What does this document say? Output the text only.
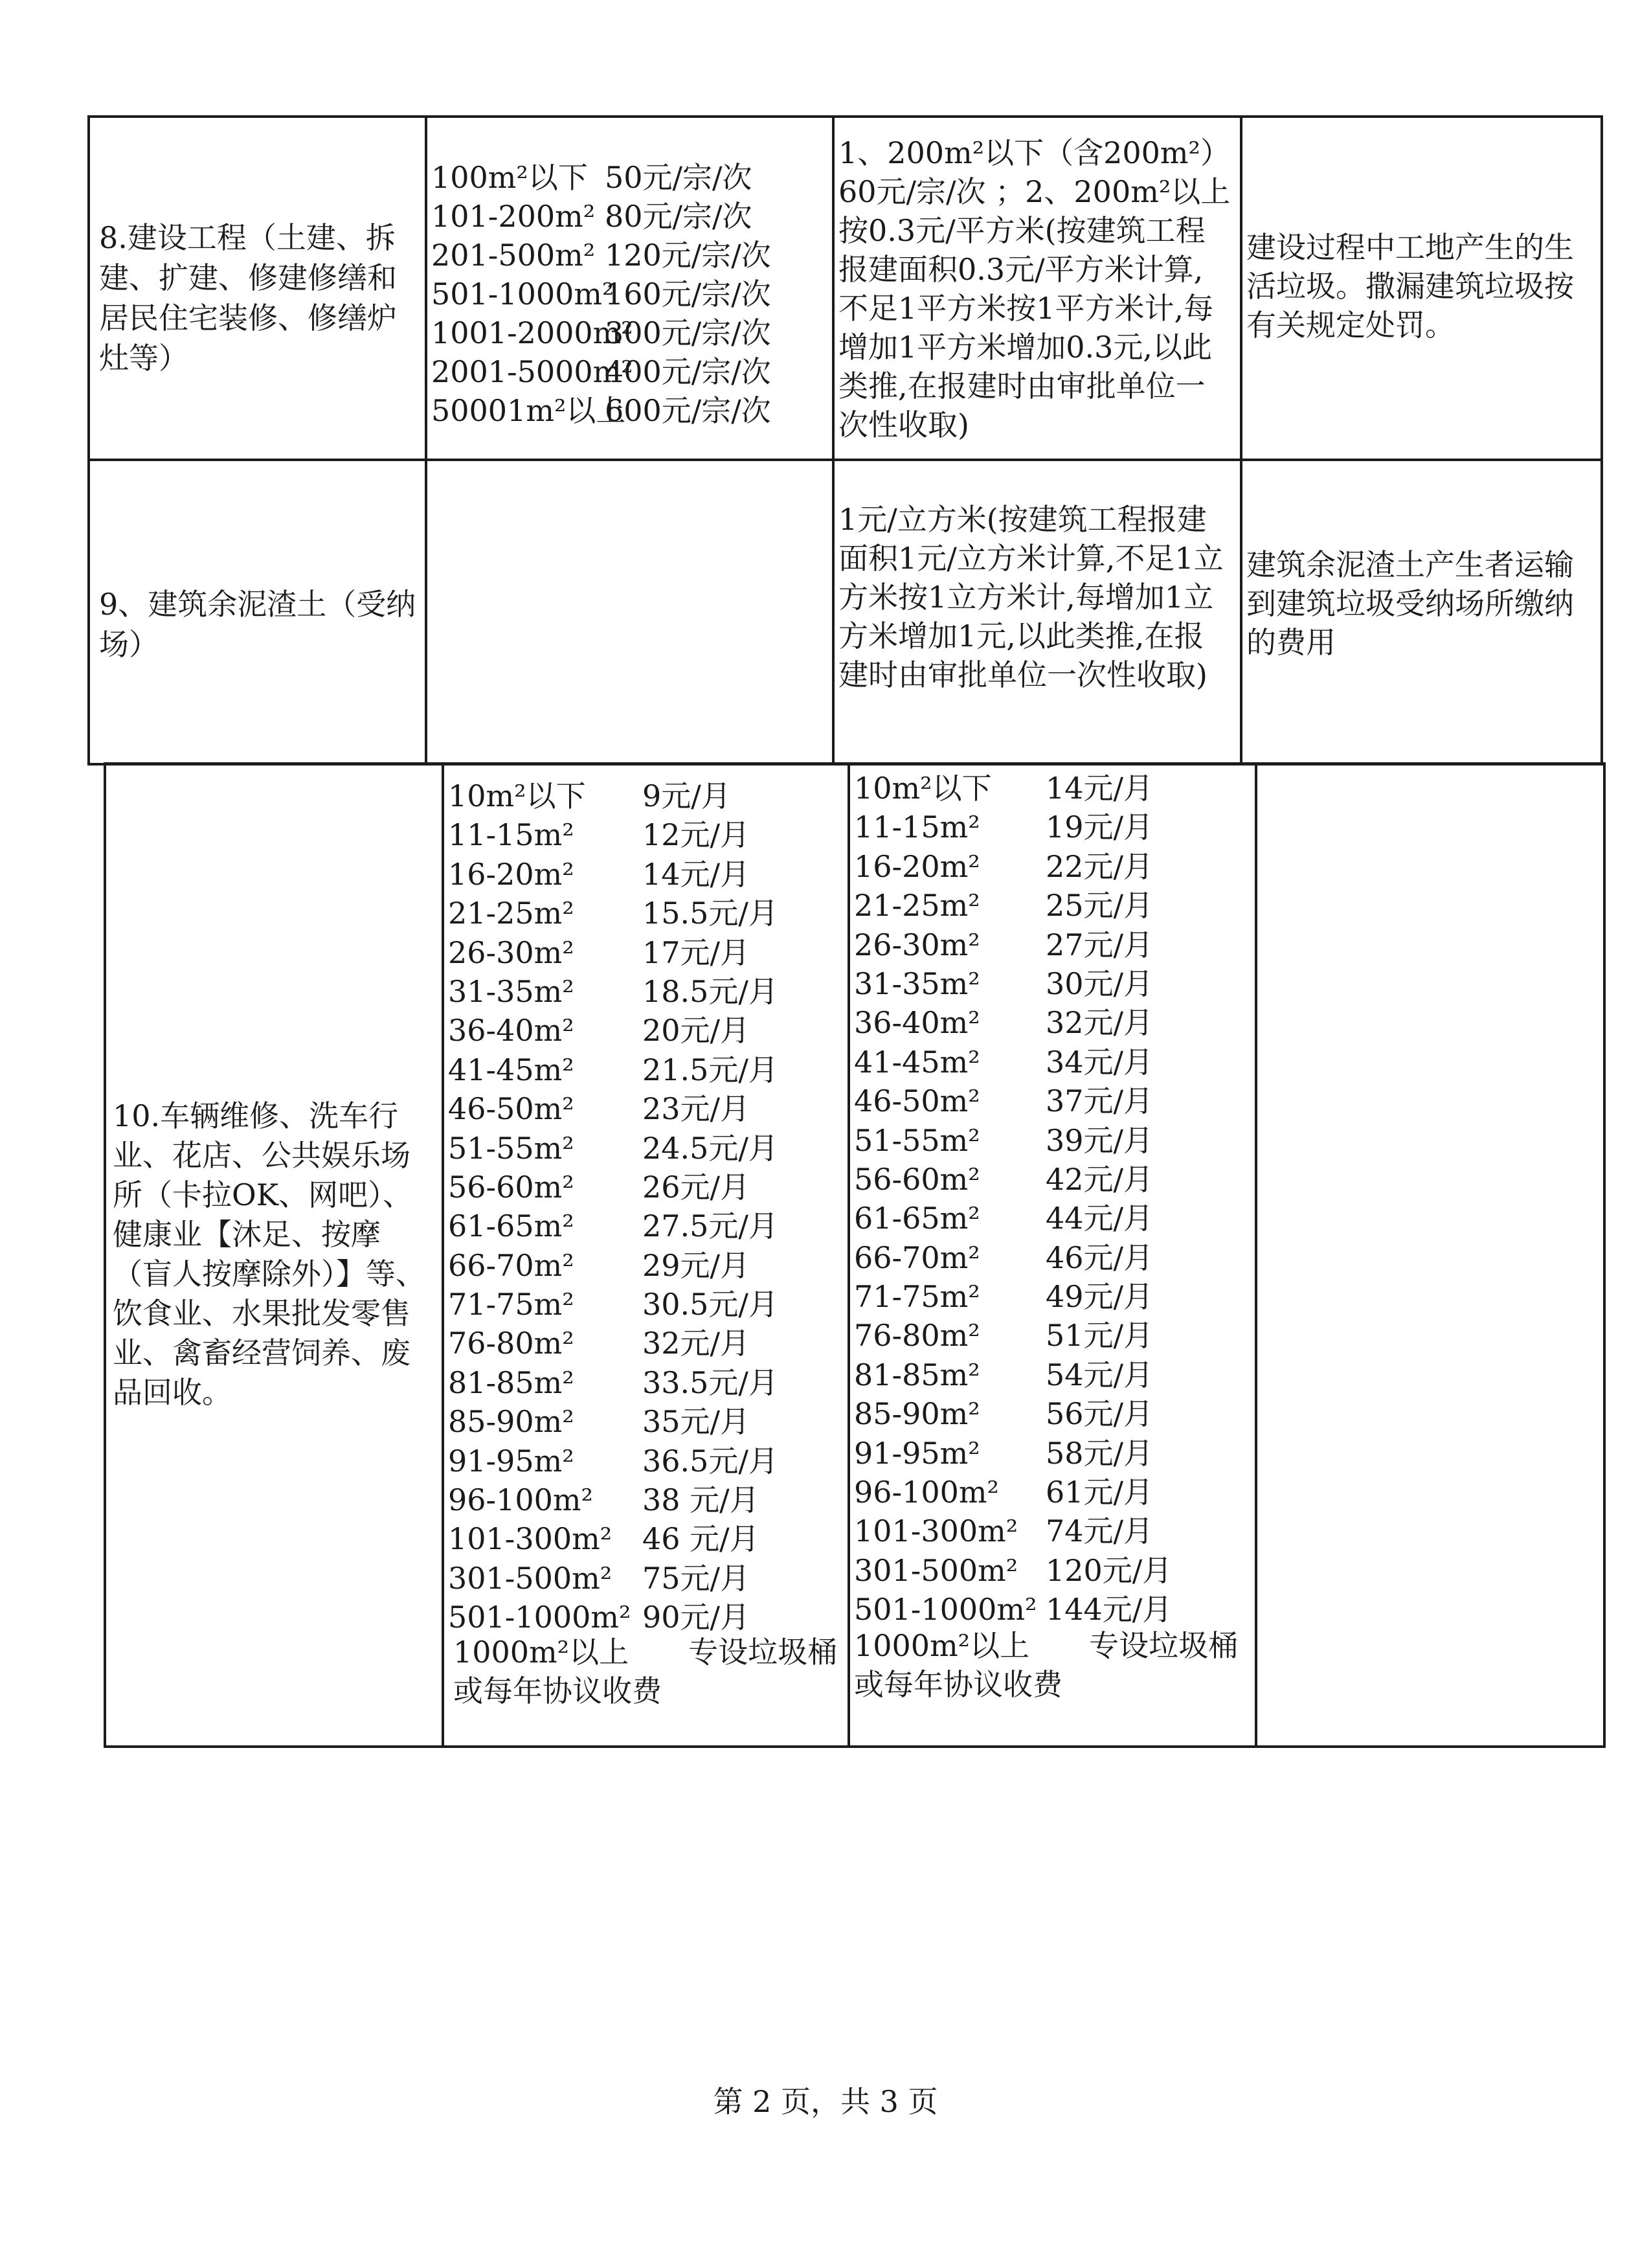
8.建设工程（土建、拆建、扩建、修建修缮和居民住宅装修、修缮炉灶等）
100m²以下 50元/宗/次
101-200m² 80元/宗/次
201-500m² 120元/宗/次
501-1000m²
160元/宗/次
1001-2000m²
300元/宗/次
2001-5000m²
400元/宗/次
50001m²以上
600元/宗/次
1、200m²以下（含200m²）60元/宗/次 ；2、200m²以上按0.3元/平方米(按建筑工程报建面积0.3元/平方米计算,不足1平方米按1平方米计,每增加1平方米增加0.3元,以此类推,在报建时由审批单位一次性收取)
建设过程中工地产生的生活垃圾。撒漏建筑垃圾按有关规定处罚。
9、建筑余泥渣土（受纳场）
1元/立方米(按建筑工程报建面积1元/立方米计算,不足1立方米按1立方米计,每增加1立方米增加1元,以此类推,在报建时由审批单位一次性收取)
建筑余泥渣土产生者运输到建筑垃圾受纳场所缴纳的费用
10.车辆维修、洗车行业、花店、公共娱乐场所（卡拉OK、网吧）、健康业【沐足、按摩（盲人按摩除外）】等、饮食业、水果批发零售业、禽畜经营饲养、废品回收。
10m²以下 9元/月
11-15m² 12元/月
16-20m² 14元/月
21-25m² 15.5元/月
26-30m² 17元/月
31-35m² 18.5元/月
36-40m² 20元/月
41-45m² 21.5元/月
46-50m² 23元/月
51-55m² 24.5元/月
56-60m² 26元/月
61-65m² 27.5元/月
66-70m² 29元/月
71-75m² 30.5元/月
76-80m² 32元/月
81-85m² 33.5元/月
85-90m² 35元/月
91-95m² 36.5元/月
96-100m² 38 元/月
101-300m² 46 元/月
301-500m² 75元/月
501-1000m² 90元/月
1000m²以上　　专设垃圾桶或每年协议收费
10m²以下 14元/月
11-15m² 19元/月
16-20m² 22元/月
21-25m² 25元/月
26-30m² 27元/月
31-35m² 30元/月
36-40m² 32元/月
41-45m² 34元/月
46-50m² 37元/月
51-55m² 39元/月
56-60m² 42元/月
61-65m² 44元/月
66-70m² 46元/月
71-75m² 49元/月
76-80m² 51元/月
81-85m² 54元/月
85-90m² 56元/月
91-95m² 58元/月
96-100m² 61元/月
101-300m² 74元/月
301-500m² 120元/月
501-1000m² 144元/月
1000m²以上　　专设垃圾桶或每年协议收费
第 2 页，共 3 页
